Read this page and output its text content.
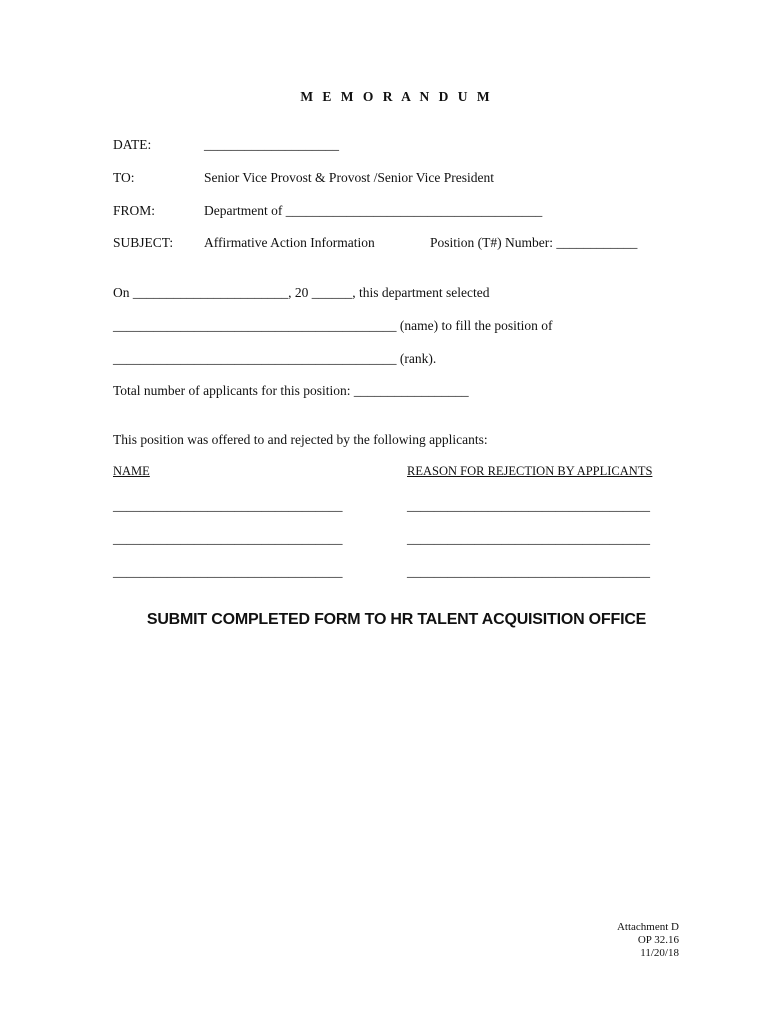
M E M O R A N D U M
DATE:	____________________
TO:	Senior Vice Provost & Provost /Senior Vice President
FROM:	Department of ______________________________________
SUBJECT: Affirmative Action Information	Position (T#) Number: ____________
On _______________________, 20 ______, this department selected
__________________________________________ (name) to fill the position of
__________________________________________ (rank).
Total number of applicants for this position: _________________
This position was offered to and rejected by the following applicants:
NAME	REASON FOR REJECTION BY APPLICANTS
__________________________________	____________________________________
__________________________________	____________________________________
__________________________________	____________________________________
SUBMIT COMPLETED FORM TO HR TALENT ACQUISITION OFFICE
Attachment D
OP 32.16
11/20/18
